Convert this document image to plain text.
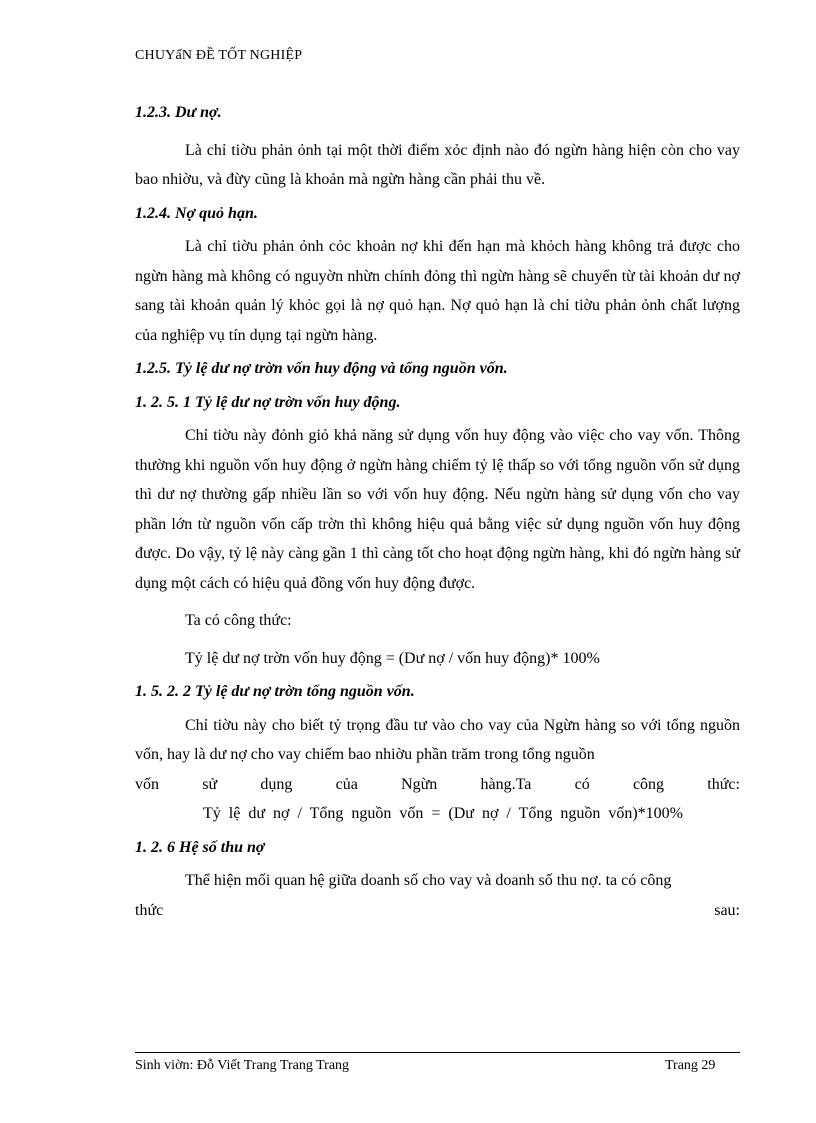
CHUYấN ĐỀ TỐT NGHIỆP

1.2.3. Dư nợ.

Là chỉ tiờu phản ỏnh tại một thời điểm xỏc định nào đó ngừn hàng hiện còn cho vay bao nhiờu, và đừy cũng là khoản mà ngừn hàng cần phải thu về.

1.2.4. Nợ quỏ hạn.

Là chỉ tiờu phản ỏnh cỏc khoản nợ khi đến hạn mà khỏch hàng không trả được cho ngừn hàng mà không có nguyờn nhừn chính đỏng thì ngừn hàng sẽ chuyển từ tài khoản dư nợ sang tài khoản quản lý khỏc gọi là nợ quỏ hạn. Nợ quỏ hạn là chỉ tiờu phản ỏnh chất lượng của nghiệp vụ tín dụng tại ngừn hàng.

1.2.5. Tỷ lệ dư nợ trờn vốn huy động và tổng nguồn vốn.

1. 2. 5. 1 Tỷ lệ dư nợ trờn vốn huy động.

Chỉ tiờu này đỏnh giỏ khả năng sử dụng vốn huy động vào việc cho vay vốn. Thông thường khi nguồn vốn huy động ở ngừn hàng chiếm tỷ lệ thấp so với tổng nguồn vốn sử dụng thì dư nợ thường gấp nhiều lần so với vốn huy động. Nếu ngừn hàng sử dụng vốn cho vay phần lớn từ nguồn vốn cấp trờn thì không hiệu quả bằng việc sử dụng nguồn vốn huy động được. Do vậy, tỷ lệ này càng gần 1 thì càng tốt cho hoạt động ngừn hàng, khi đó ngừn hàng sử dụng một cách có hiệu quả đồng vốn huy động được.

Ta có công thức:

Tỷ lệ dư nợ trờn vốn huy động = (Dư nợ / vốn huy động)* 100%

1. 5. 2. 2 Tỷ lệ dư nợ trờn tổng nguồn vốn.

Chỉ tiờu này cho biết tỷ trọng đầu tư vào cho vay của Ngừn hàng so với tổng nguồn vốn, hay là dư nợ cho vay chiếm bao nhiờu phần trăm trong tổng nguồn

vốn	sử	dụng	của	Ngừn	hàng.Ta	có	công	thức:

Tỷ lệ dư nợ / Tổng nguồn vốn = (Dư nợ / Tổng nguồn vốn)*100%

1. 2. 6 Hệ số thu nợ

Thể hiện mối quan hệ giữa doanh số cho vay và doanh số thu nợ. ta có công

thức	sau:
Sinh viờn: Đỗ Viết Trang Trang Trang	Trang 29
